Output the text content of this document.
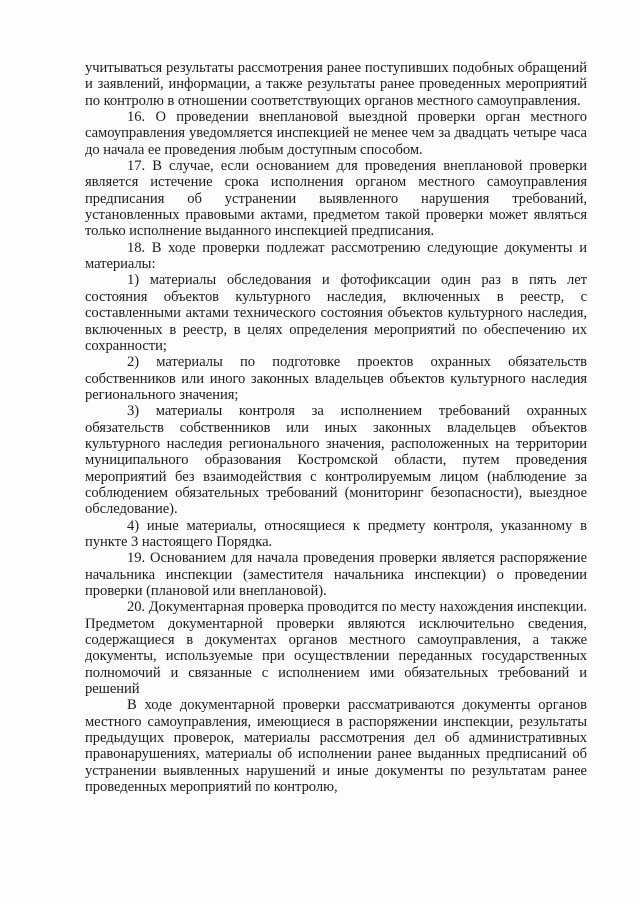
учитываться результаты рассмотрения ранее поступивших подобных обращений и заявлений, информации, а также результаты ранее проведенных мероприятий по контролю в отношении соответствующих органов местного самоуправления.

16. О проведении внеплановой выездной проверки орган местного самоуправления уведомляется инспекцией не менее чем за двадцать четыре часа до начала ее проведения любым доступным способом.

17. В случае, если основанием для проведения внеплановой проверки является истечение срока исполнения органом местного самоуправления предписания об устранении выявленного нарушения требований, установленных правовыми актами, предметом такой проверки может являться только исполнение выданного инспекцией предписания.

18. В ходе проверки подлежат рассмотрению следующие документы и материалы:

1) материалы обследования и фотофиксации один раз в пять лет состояния объектов культурного наследия, включенных в реестр, с составленными актами технического состояния объектов культурного наследия, включенных в реестр, в целях определения мероприятий по обеспечению их сохранности;

2) материалы по подготовке проектов охранных обязательств собственников или иного законных владельцев объектов культурного наследия регионального значения;

3) материалы контроля за исполнением требований охранных обязательств собственников или иных законных владельцев объектов культурного наследия регионального значения, расположенных на территории муниципального образования Костромской области, путем проведения мероприятий без взаимодействия с контролируемым лицом (наблюдение за соблюдением обязательных требований (мониторинг безопасности), выездное обследование).

4) иные материалы, относящиеся к предмету контроля, указанному в пункте 3 настоящего Порядка.

19. Основанием для начала проведения проверки является распоряжение начальника инспекции (заместителя начальника инспекции) о проведении проверки (плановой или внеплановой).

20. Документарная проверка проводится по месту нахождения инспекции. Предметом документарной проверки являются исключительно сведения, содержащиеся в документах органов местного самоуправления, а также документы, используемые при осуществлении переданных государственных полномочий и связанные с исполнением ими обязательных требований и решений

В ходе документарной проверки рассматриваются документы органов местного самоуправления, имеющиеся в распоряжении инспекции, результаты предыдущих проверок, материалы рассмотрения дел об административных правонарушениях, материалы об исполнении ранее выданных предписаний об устранении выявленных нарушений и иные документы по результатам ранее проведенных мероприятий по контролю,
